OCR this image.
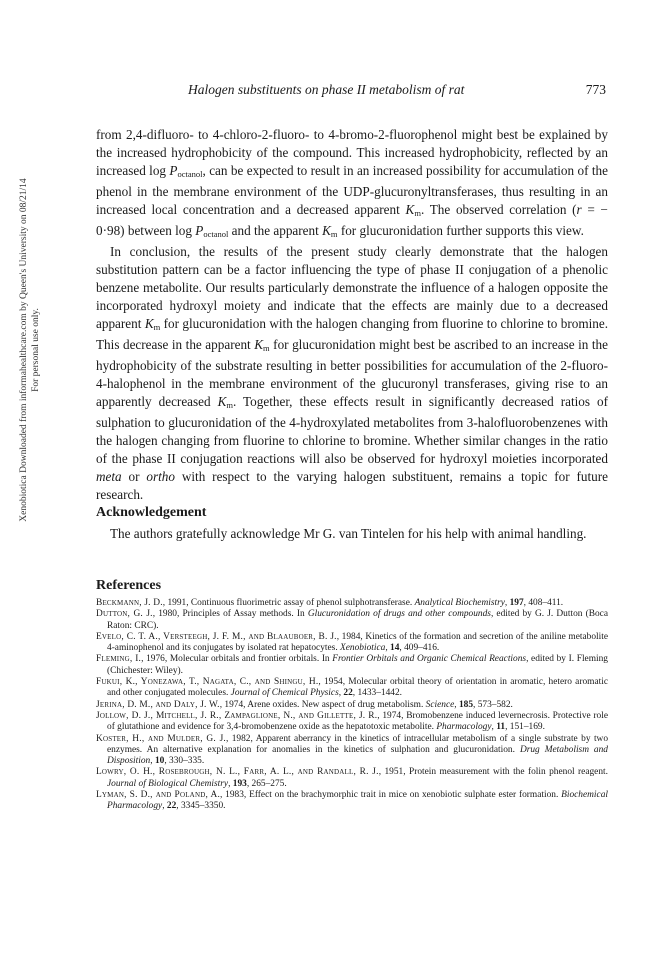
Halogen substituents on phase II metabolism of rat	773
Xenobiotica Downloaded from informahealthcare.com by Queen's University on 08/21/14 For personal use only.

from 2,4-difluoro- to 4-chloro-2-fluoro- to 4-bromo-2-fluorophenol might best be explained by the increased hydrophobicity of the compound. This increased hydrophobicity, reflected by an increased $\log P_{octanol}$, can be expected to result in an increased possibility for accumulation of the phenol in the membrane environment of the UDP-glucuronyltransferases, thus resulting in an increased local concentration and a decreased apparent $K_m$. The observed correlation (r = − 0·98) between $\log P_{octanol}$ and the apparent $K_m$ for glucuronidation further supports this view.

In conclusion, the results of the present study clearly demonstrate that the halogen substitution pattern can be a factor influencing the type of phase II conjugation of a phenolic benzene metabolite. Our results particularly demonstrate the influence of a halogen opposite the incorporated hydroxyl moiety and indicate that the effects are mainly due to a decreased apparent $K_m$ for glucuronidation with the halogen changing from fluorine to chlorine to bromine. This decrease in the apparent $K_m$ for glucuronidation might best be ascribed to an increase in the hydrophobicity of the substrate resulting in better possibilities for accumulation of the 2-fluoro-4-halophenol in the membrane environment of the glucuronyl transferases, giving rise to an apparently decreased $K_m$. Together, these effects result in significantly decreased ratios of sulphation to glucuronidation of the 4-hydroxylated metabolites from 3-halofluorobenzenes with the halogen changing from fluorine to chlorine to bromine. Whether similar changes in the ratio of the phase II conjugation reactions will also be observed for hydroxyl moieties incorporated meta or ortho with respect to the varying halogen substituent, remains a topic for future research.

Acknowledgement
The authors gratefully acknowledge Mr G. van Tintelen for his help with animal handling.
References
Beckmann, J. D., 1991, Continuous fluorimetric assay of phenol sulphotransferase. Analytical Biochemistry, 197, 408–411.
Dutton, G. J., 1980, Principles of Assay methods. In Glucuronidation of drugs and other compounds, edited by G. J. Dutton (Boca Raton: CRC).
Evelo, C. T. A., Versteegh, J. F. M., and Blaauboer, B. J., 1984, Kinetics of the formation and secretion of the aniline metabolite 4-aminophenol and its conjugates by isolated rat hepatocytes. Xenobiotica, 14, 409–416.
Fleming, I., 1976, Molecular orbitals and frontier orbitals. In Frontier Orbitals and Organic Chemical Reactions, edited by I. Fleming (Chichester: Wiley).
Fukui, K., Yonezawa, T., Nagata, C., and Shingu, H., 1954, Molecular orbital theory of orientation in aromatic, hetero aromatic and other conjugated molecules. Journal of Chemical Physics, 22, 1433–1442.
Jerina, D. M., and Daly, J. W., 1974, Arene oxides. New aspect of drug metabolism. Science, 185, 573–582.
Jollow, D. J., Mitchell, J. R., Zampaglione, N., and Gillette, J. R., 1974, Bromobenzene induced levernecrosis. Protective role of glutathione and evidence for 3,4-bromobenzene oxide as the hepatotoxic metabolite. Pharmacology, 11, 151–169.
Koster, H., and Mulder, G. J., 1982, Apparent aberrancy in the kinetics of intracellular metabolism of a single substrate by two enzymes. An alternative explanation for anomalies in the kinetics of sulphation and glucuronidation. Drug Metabolism and Disposition, 10, 330–335.
Lowry, O. H., Rosebrough, N. L., Farr, A. L., and Randall, R. J., 1951, Protein measurement with the folin phenol reagent. Journal of Biological Chemistry, 193, 265–275.
Lyman, S. D., and Poland, A., 1983, Effect on the brachymorphic trait in mice on xenobiotic sulphate ester formation. Biochemical Pharmacology, 22, 3345–3350.
